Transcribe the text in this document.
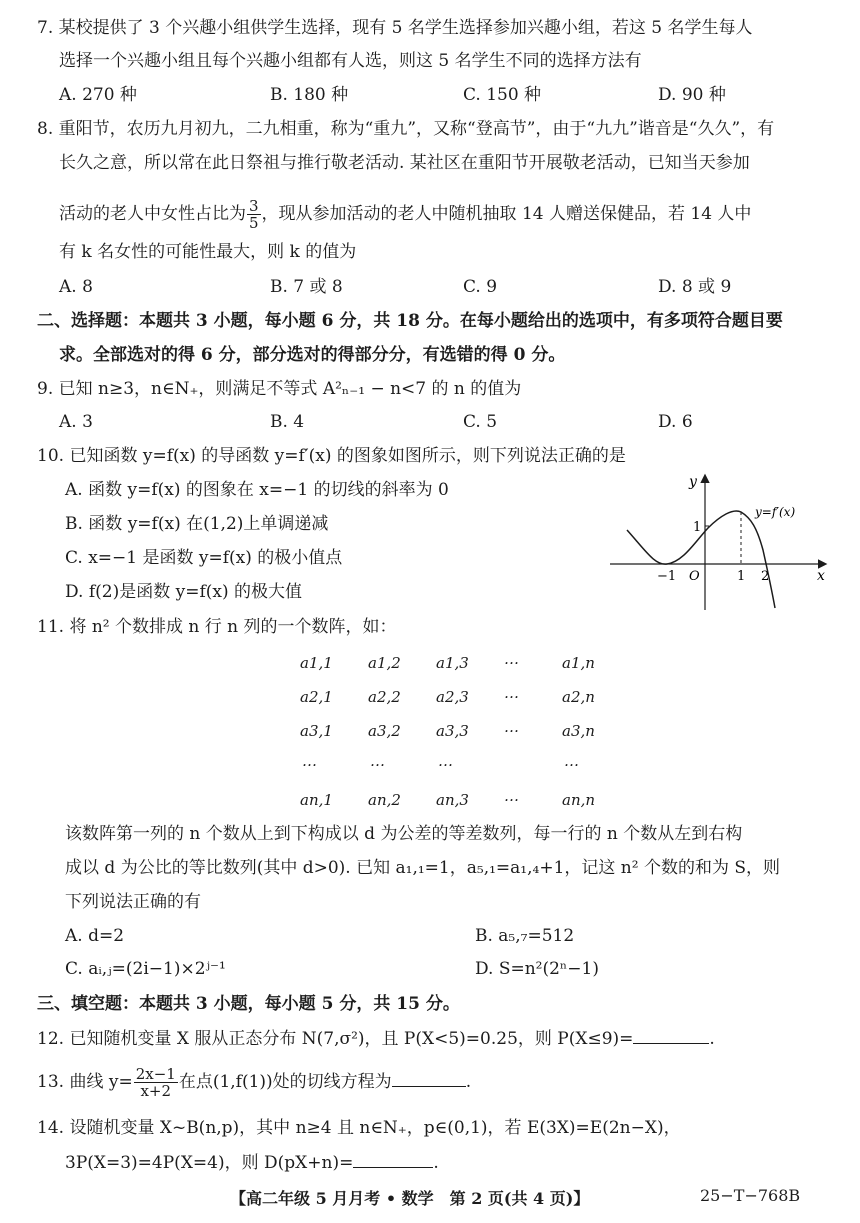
7. 某校提供了 3 个兴趣小组供学生选择，现有 5 名学生选择参加兴趣小组，若这 5 名学生每人
选择一个兴趣小组且每个兴趣小组都有人选，则这 5 名学生不同的选择方法有
A. 270 种	B. 180 种	C. 150 种	D. 90 种
8. 重阳节，农历九月初九，二九相重，称为“重九”，又称“登高节”，由于“九九”谐音是“久久”，有
长久之意，所以常在此日祭祖与推行敬老活动. 某社区在重阳节开展敬老活动，已知当天参加
活动的老人中女性占比为 $\frac{3}{5}$ ，现从参加活动的老人中随机抽取 14 人赠送保健品，若 14 人中
有 k 名女性的可能性最大，则 k 的值为
A. 8	B. 7 或 8	C. 9	D. 8 或 9
二、选择题：本题共 3 小题，每小题 6 分，共 18 分。在每小题给出的选项中，有多项符合题目要
求。全部选对的得 6 分，部分选对的得部分分，有选错的得 0 分。
9. 已知 n≥3，n∈N₊，则满足不等式 A²ₙ₋₁ − n<7 的 n 的值为
A. 3	B. 4	C. 5	D. 6
10. 已知函数 y=f(x) 的导函数 y=f′(x) 的图象如图所示，则下列说法正确的是
A. 函数 y=f(x) 的图象在 x=−1 的切线的斜率为 0
B. 函数 y=f(x) 在(1,2)上单调递减
C. x=−1 是函数 y=f(x) 的极小值点
D. f(2)是函数 y=f(x) 的极大值
y
x
O
−1	1 2
1
y=f′(x)
11. 将 n² 个数排成 n 行 n 列的一个数阵，如：
a1,1 a1,2 a1,3 …	a1,n
a2,1 a2,2 a2,3 …	a2,n
a3,1 a3,2 a3,3 …	a3,n
…	…	…	…
an,1 an,2 an,3 …	an,n
该数阵第一列的 n 个数从上到下构成以 d 为公差的等差数列，每一行的 n 个数从左到右构
成以 d 为公比的等比数列(其中 d>0). 已知 a₁,₁=1，a₅,₁=a₁,₄+1，记这 n² 个数的和为 S，则
下列说法正确的有
A. d=2	B. a₅,₇=512
C. aᵢ,ⱼ=(2i−1)×2ʲ⁻¹	D. S=n²(2ⁿ−1)
三、填空题：本题共 3 小题，每小题 5 分，共 15 分。
12. 已知随机变量 X 服从正态分布 N(7,σ²)，且 P(X<5)=0.25，则 P(X≤9)=	.
13. 曲线 $y= \frac{2x-1}{x+2}$ 在点(1,f(1))处的切线方程为	.
14. 设随机变量 X~B(n,p)，其中 n≥4 且 n∈N₊，p∈(0,1)，若 E(3X)=E(2n−X)，
3P(X=3)=4P(X=4)，则 D(pX+n)=	.
【高二年级 5 月月考 • 数学　第 2 页(共 4 页)】	25−T−768B
